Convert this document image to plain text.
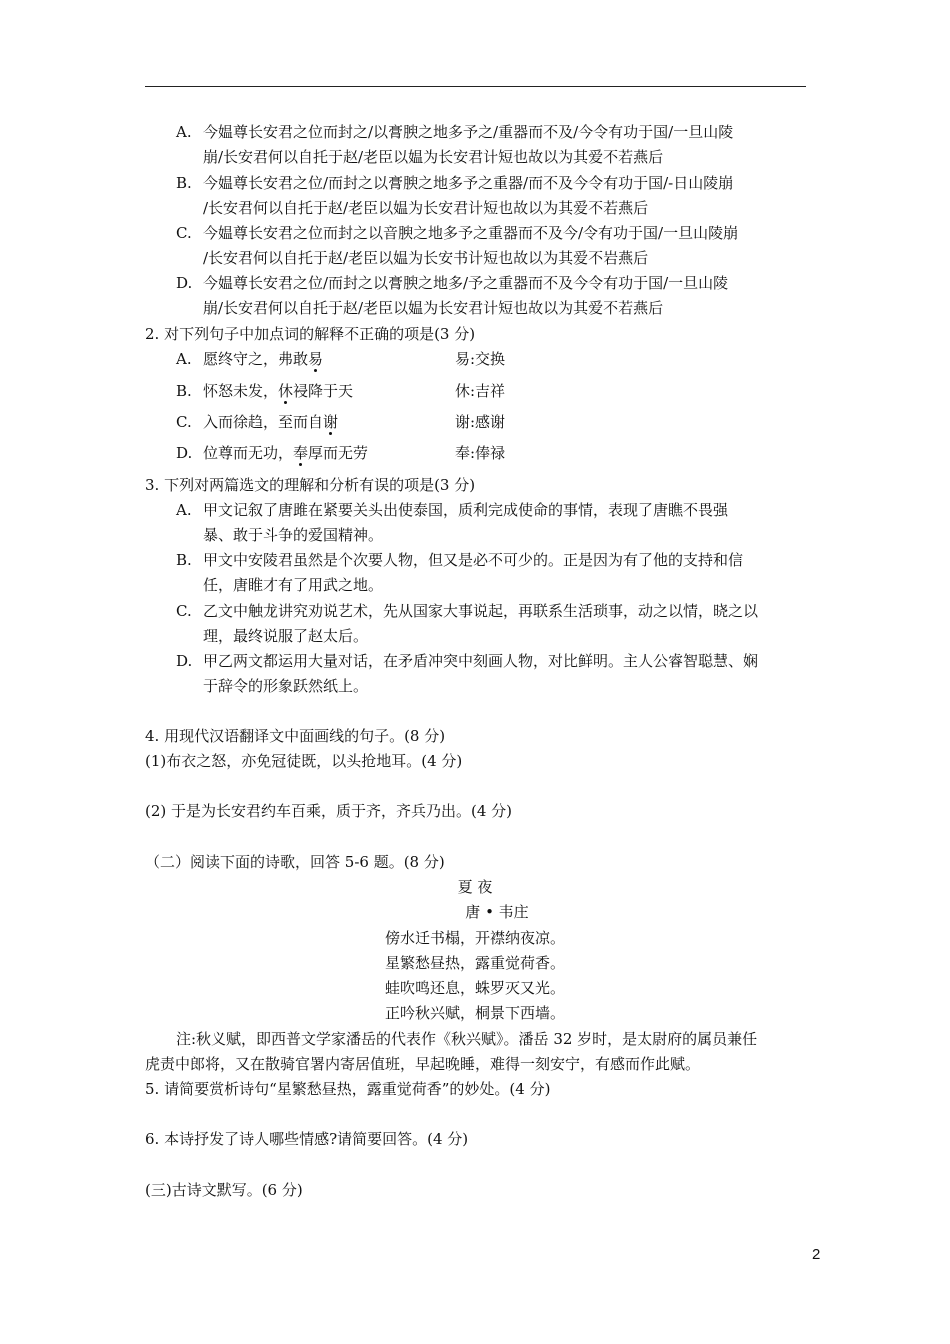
A. 今媪尊长安君之位而封之/以膏腴之地多予之/重器而不及/今令有功于国/一旦山陵
崩/长安君何以自托于赵/老臣以媪为长安君计短也故以为其爱不若燕后
B. 今媪尊长安君之位/而封之以膏腴之地多予之重器/而不及今令有功于国/-日山陵崩
/长安君何以自托于赵/老臣以媪为长安君计短也故以为其爱不若燕后
C. 今媪尊长安君之位而封之以音腴之地多予之重器而不及今/令有功于国/一旦山陵崩
/长安君何以自托于赵/老臣以媪为长安书计短也故以为其爱不岩燕后
D. 今媪尊长安君之位/而封之以膏腴之地多/予之重器而不及今令有功于国/一旦山陵
崩/长安君何以自托于赵/老臣以媪为长安君计短也故以为其爱不若燕后
2. 对下列句子中加点词的解释不正确的项是(3 分)
A. 愿终守之，弗敢易	易:交换
B. 怀怒未发，休祲降于天	休:吉祥
C. 入而徐趋，至而自谢	谢:感谢
D. 位尊而无功，奉厚而无劳	奉:俸禄
3. 下列对两篇选文的理解和分析有误的项是(3 分)
A. 甲文记叙了唐雎在紧要关头出使泰国，质利完成使命的事情，表现了唐瞧不畏强
暴、敢于斗争的爱国精神。
B. 甲文中安陵君虽然是个次要人物，但又是必不可少的。正是因为有了他的支持和信
任，唐睢才有了用武之地。
C. 乙文中触龙讲究劝说艺术，先从国家大事说起，再联系生活琐事，动之以情，晓之以
理，最终说服了赵太后。
D. 甲乙两文都运用大量对话，在矛盾冲突中刻画人物，对比鲜明。主人公睿智聪慧、娴
于辞令的形象跃然纸上。
4. 用现代汉语翻译文中面画线的句子。(8 分)
(1)布衣之怒，亦免冠徒既，以头抢地耳。(4 分)
(2) 于是为长安君约车百乘，质于齐，齐兵乃出。(4 分)
（二）阅读下面的诗歌，回答 5-6 题。(8 分)
夏 夜
唐 • 韦庄
傍水迁书榻，开襟纳夜凉。
星繁愁昼热，露重觉荷香。
蛙吹鸣还息，蛛罗灭又光。
正吟秋兴赋，桐景下西墙。
注:秋义赋，即西普文学家潘岳的代表作《秋兴赋》。潘岳 32 岁时，是太尉府的属员兼任
虎责中郎将，又在散骑官署内寄居值班，早起晚睡，难得一刻安宁，有感而作此赋。
5. 请简要赏析诗句“星繁愁昼热，露重觉荷香”的妙处。(4 分)
6. 本诗抒发了诗人哪些情感?请简要回答。(4 分)
(三)古诗文默写。(6 分)
2
